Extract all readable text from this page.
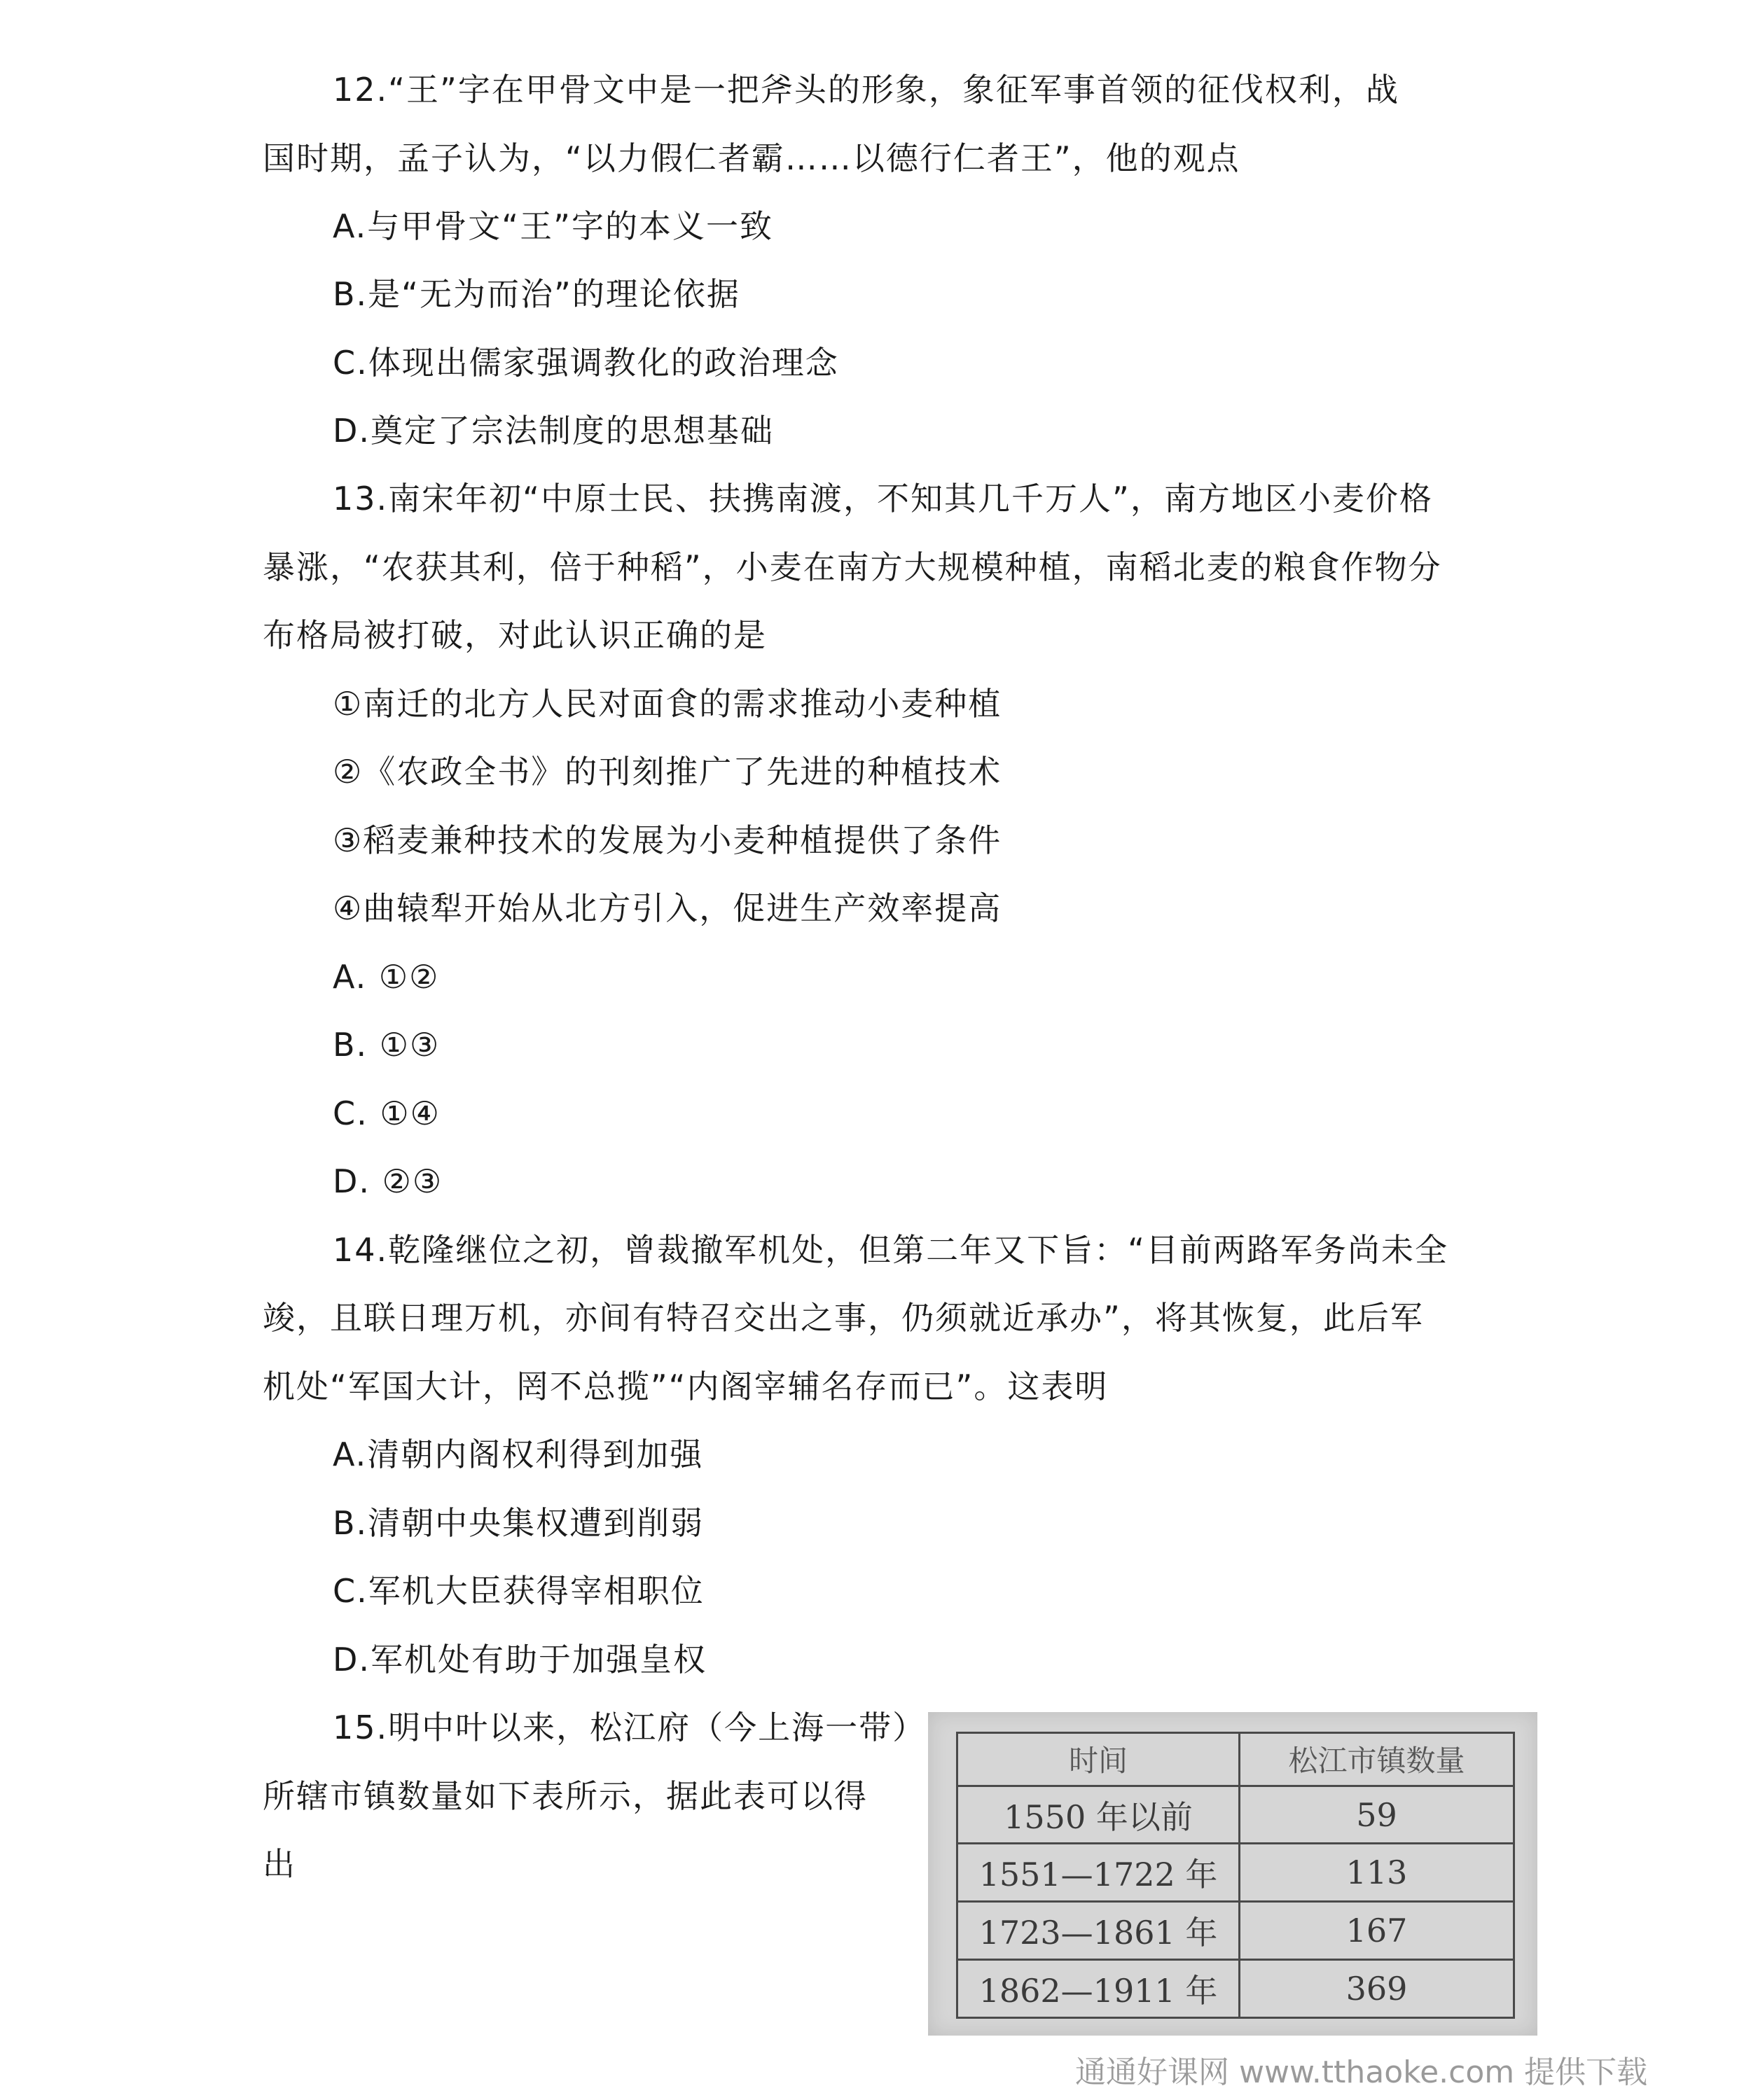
12.“王”字在甲骨文中是一把斧头的形象，象征军事首领的征伐权利，战
国时期，孟子认为，“以力假仁者霸……以德行仁者王”，他的观点
A.与甲骨文“王”字的本义一致
B.是“无为而治”的理论依据
C.体现出儒家强调教化的政治理念
D.奠定了宗法制度的思想基础
13.南宋年初“中原士民、扶携南渡，不知其几千万人”，南方地区小麦价格
暴涨，“农获其利，倍于种稻”，小麦在南方大规模种植，南稻北麦的粮食作物分
布格局被打破，对此认识正确的是
①南迁的北方人民对面食的需求推动小麦种植
②《农政全书》的刊刻推广了先进的种植技术
③稻麦兼种技术的发展为小麦种植提供了条件
④曲辕犁开始从北方引入，促进生产效率提高
A. ①②
B. ①③
C. ①④
D. ②③
14.乾隆继位之初，曾裁撤军机处，但第二年又下旨：“目前两路军务尚未全
竣，且联日理万机，亦间有特召交出之事，仍须就近承办”，将其恢复，此后军
机处“军国大计，罔不总揽”“内阁宰辅名存而已”。这表明
A.清朝内阁权利得到加强
B.清朝中央集权遭到削弱
C.军机大臣获得宰相职位
D.军机处有助于加强皇权
15.明中叶以来，松江府（今上海一带）
所辖市镇数量如下表所示，据此表可以得
出
时间	松江市镇数量
1550 年以前	59
1551—1722 年	113
1723—1861 年	167
1862—1911 年	369
通通好课网 www.tthaoke.com 提供下载
